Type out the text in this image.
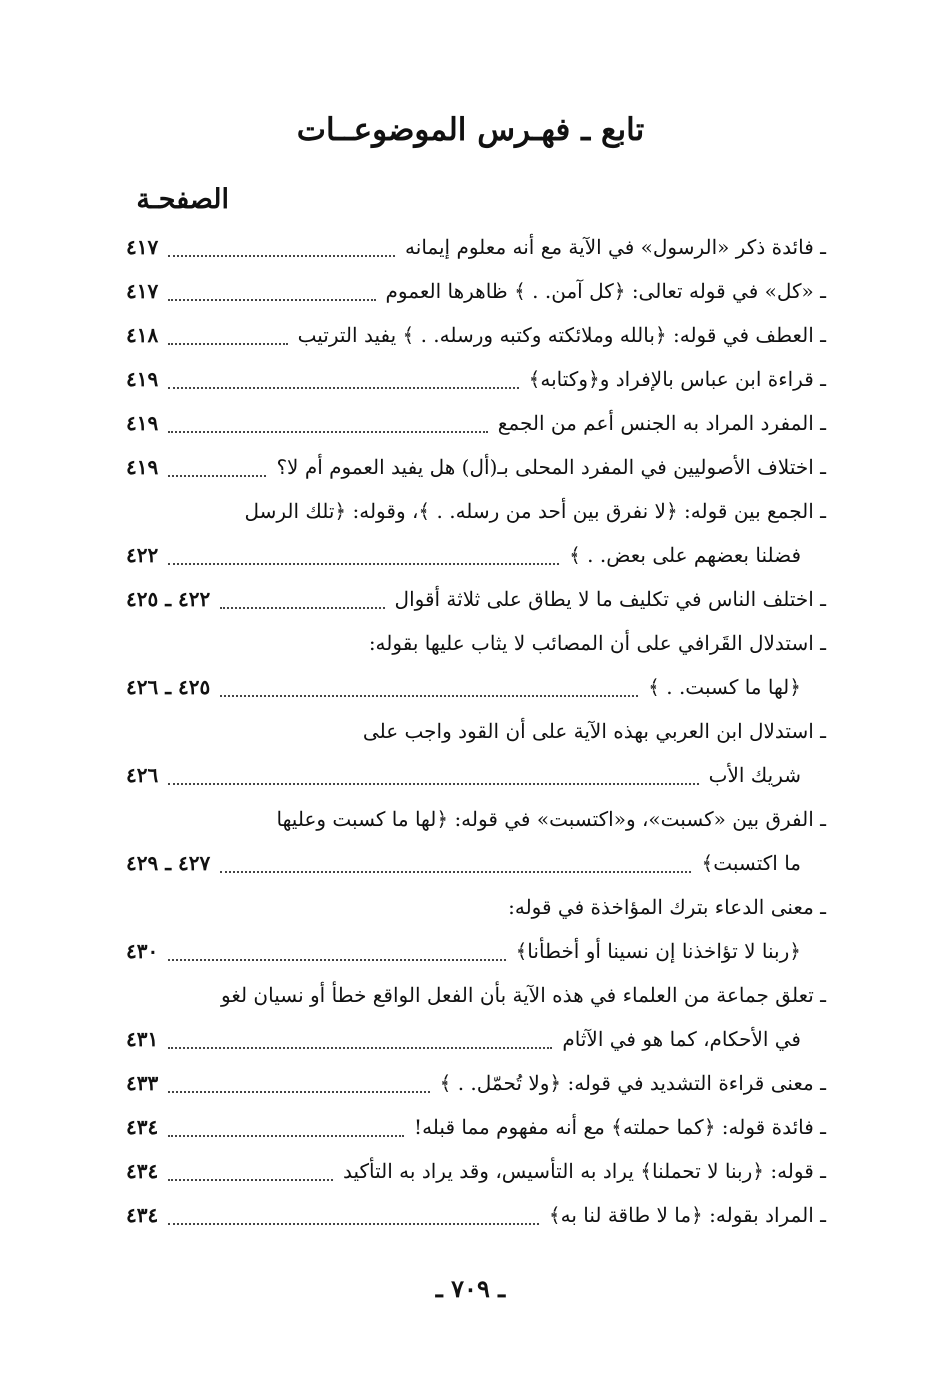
تابع ـ فهـرس الموضوعــات
الصفحـة
ـ فائدة ذكر «الرسول» في الآية مع أنه معلوم إيمانه
٤١٧
ـ «كل» في قوله تعالى: ﴿كل آمن. . ﴾ ظاهرها العموم
٤١٧
ـ العطف في قوله: ﴿بالله وملائكته وكتبه ورسله. . ﴾ يفيد الترتيب
٤١٨
ـ قراءة ابن عباس بالإفراد و﴿وكتابه﴾
٤١٩
ـ المفرد المراد به الجنس أعم من الجمع
٤١٩
ـ اختلاف الأصوليين في المفرد المحلى بـ(أل) هل يفيد العموم أم لا؟
٤١٩
ـ الجمع بين قوله: ﴿لا نفرق بين أحد من رسله. . ﴾، وقوله: ﴿تلك الرسل
فضلنا بعضهم على بعض. . ﴾
٤٢٢
ـ اختلف الناس في تكليف ما لا يطاق على ثلاثة أقوال
٤٢٢ ـ ٤٢٥
ـ استدلال القَرافي على أن المصائب لا يثاب عليها بقوله:
﴿لها ما كسبت. . ﴾
٤٢٥ ـ ٤٢٦
ـ استدلال ابن العربي بهذه الآية على أن القود واجب على
شريك الأب
٤٢٦
ـ الفرق بين «كسبت»، و«اكتسبت» في قوله: ﴿لها ما كسبت وعليها
ما اكتسبت﴾
٤٢٧ ـ ٤٢٩
ـ معنى الدعاء بترك المؤاخذة في قوله:
﴿ربنا لا تؤاخذنا إن نسينا أو أخطأنا﴾
٤٣٠
ـ تعلق جماعة من العلماء في هذه الآية بأن الفعل الواقع خطأ أو نسيان لغو
في الأحكام، كما هو في الآثام
٤٣١
ـ معنى قراءة التشديد في قوله: ﴿ولا تُحمّل. . ﴾
٤٣٣
ـ فائدة قوله: ﴿كما حملته﴾ مع أنه مفهوم مما قبله!
٤٣٤
ـ قوله: ﴿ربنا لا تحملنا﴾ يراد به التأسيس، وقد يراد به التأكيد
٤٣٤
ـ المراد بقوله: ﴿ما لا طاقة لنا به﴾
٤٣٤
ـ ٧٠٩ ـ
